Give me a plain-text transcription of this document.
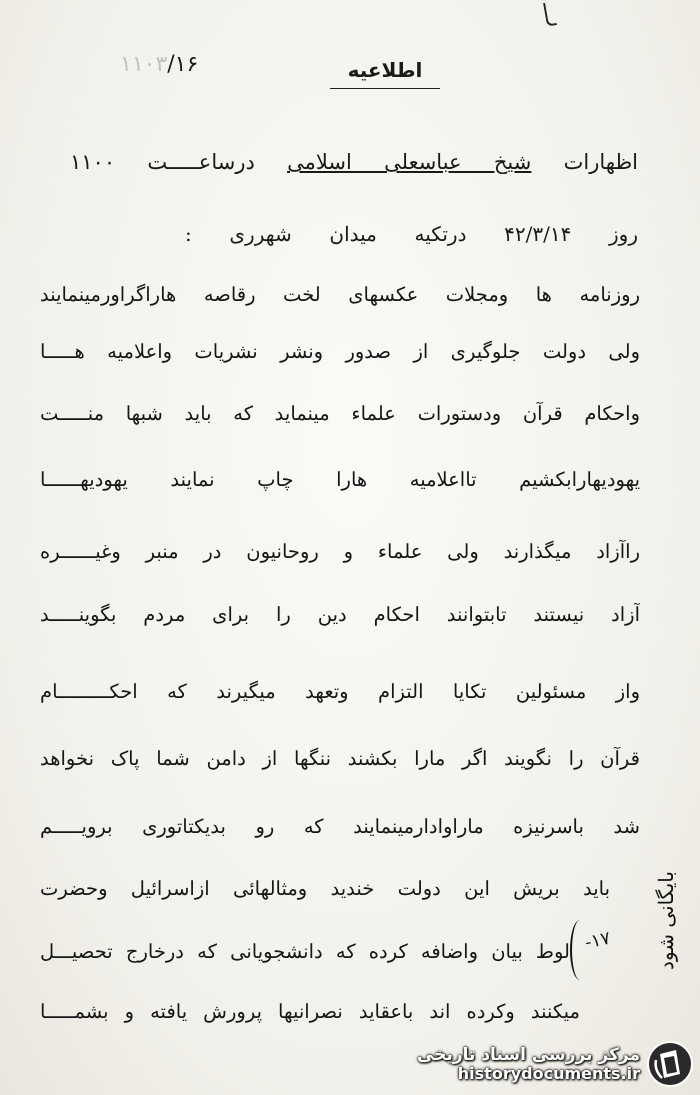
۱۱۰۳/۱۶	اطلاعیه
اظهارات شیخ عباسعلی اسلامی درساعـــــت ۱۱۰۰
روز ۴۲/۳/۱۴ درتکیه میدان شهرری :
روزنامه ها ومجلات عکسهای لخت رقاصه هاراگراورمینمایند
ولی دولت جلوگیری از صدور ونشر نشریات واعلامیه هـــــا
واحکام قرآن ودستورات علماء مینماید که باید شبها منـــــت
یهودیهارابکشیم تااعلامیه هارا چاپ نمایند یهودیهــــــا
راآزاد میگذارند ولی علماء و روحانیون در منبر وغیــــــره
آزاد نیستند تابتوانند احکام دین را برای مردم بگوینـــــد
واز مسئولین تکایا التزام وتعهد میگیرند که احکـــــــــام
قرآن را نگویند اگر مارا بکشند ننگها از دامن شما پاک نخواهد
شد باسرنیزه ماراوادارمینمایند که رو بدیکتاتوری برویـــــم
باید بریش این دولت خندید ومثالهائی ازاسرائیل وحضرت
لوط بیان واضافه کرده که دانشجویانی که درخارج تحصیـــل
میکنند وکرده اند باعقاید نصرانیها پرورش یافته و بشمـــــا
بایگانی شود
۱۷-
مرکز بررسی اسناد تاریخی
historydocuments.ir
